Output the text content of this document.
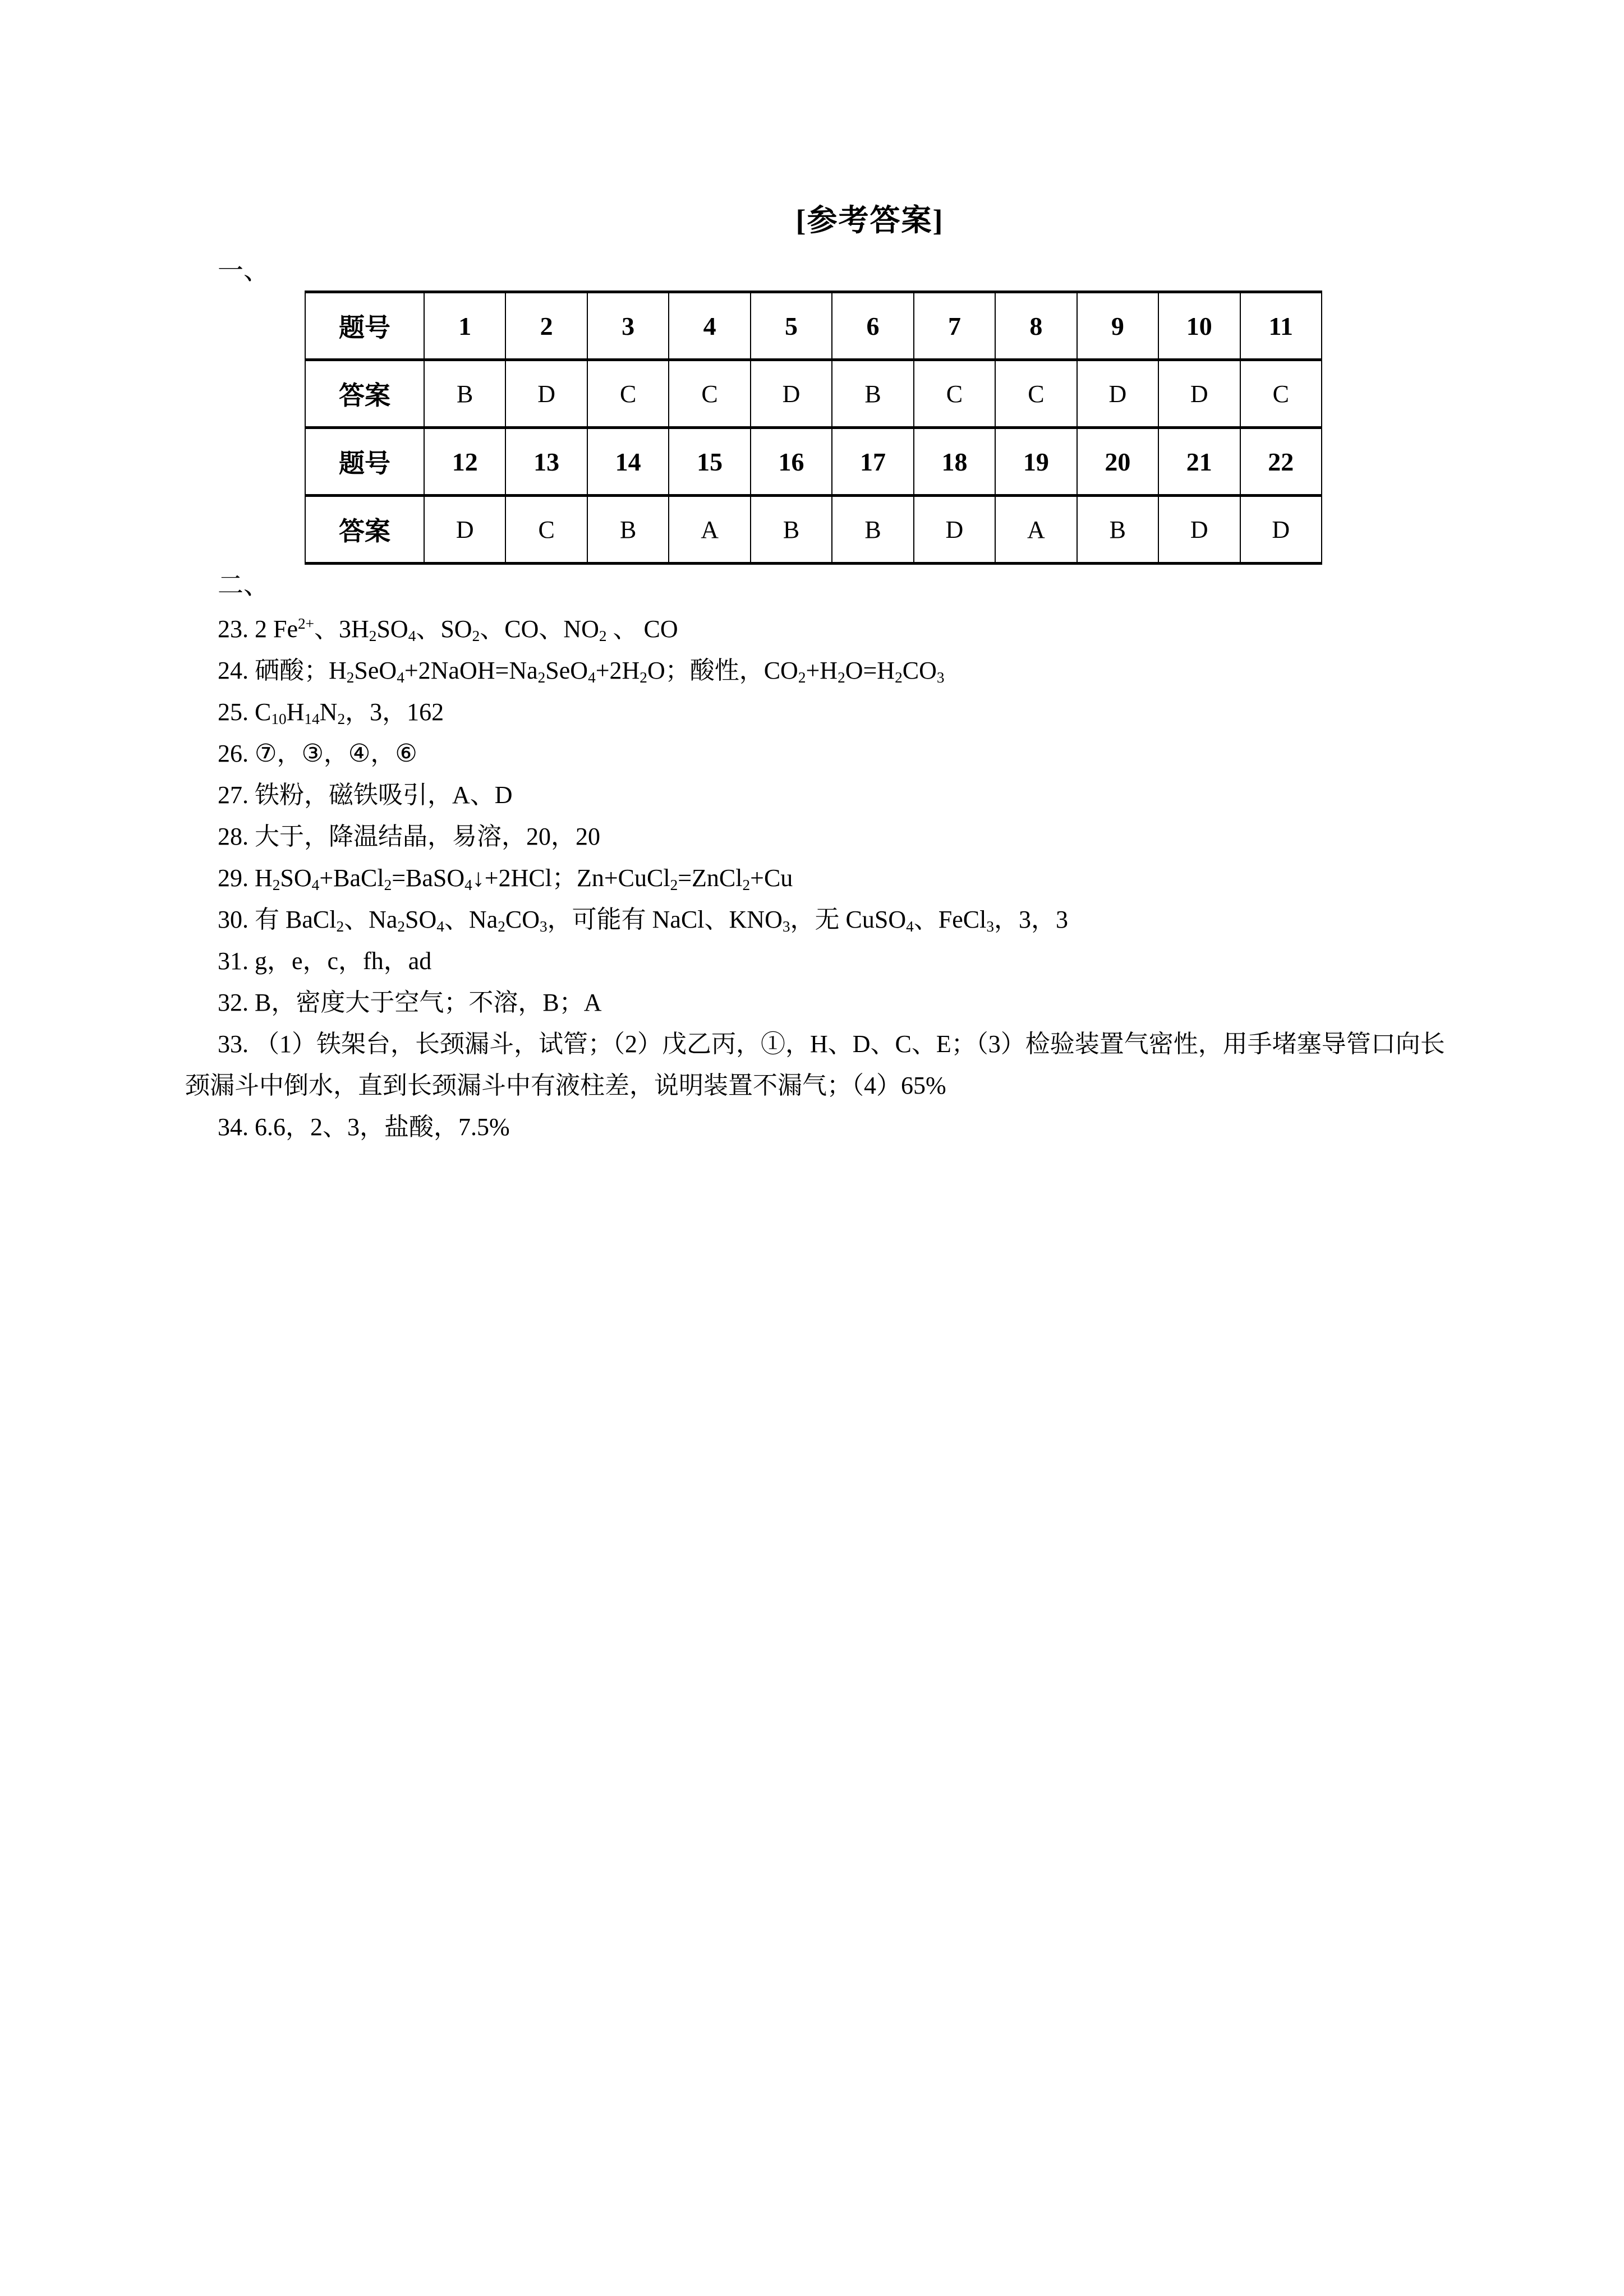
[参考答案]

一、

题号	1	2	3	4	5	6	7	8	9	10	11
答案	B	D	C	C	D	B	C	C	D	D	C
题号	12	13	14	15	16	17	18	19	20	21	22
答案	D	C	B	A	B	B	D	A	B	D	D

二、

23. 2 $Fe^{2+}$、$3H_2SO_4$、$SO_2$、CO、$NO_2$ 、 CO

24. 硒酸；$H_2SeO_4+2NaOH=Na_2SeO_4+2H_2O$；酸性，$CO_2+H_2O=H_2CO_3$

25. $C_{10}H_{14}N_2$，3，162

26. ⑦，③，④，⑥

27. 铁粉，磁铁吸引，A、D

28. 大于，降温结晶，易溶，20，20

29. $H_2SO_4+BaCl_2=BaSO_4↓+2HCl$；Zn+CuCl$_2$=ZnCl$_2$+Cu

30. 有 BaCl$_2$、$Na_2SO_4$、$Na_2CO_3$，可能有 NaCl、$KNO_3$，无 CuSO$_4$、FeCl$_3$，3，3

31. g，e，c，fh，ad

32. B，密度大于空气；不溶，B；A

33. （1）铁架台，长颈漏斗，试管；（2）戊乙丙，①，H、D、C、E；（3）检验装置气密性，用手堵塞导管口向长颈漏斗中倒水，直到长颈漏斗中有液柱差，说明装置不漏气；（4）65%

34. 6.6，2、3，盐酸，7.5%
